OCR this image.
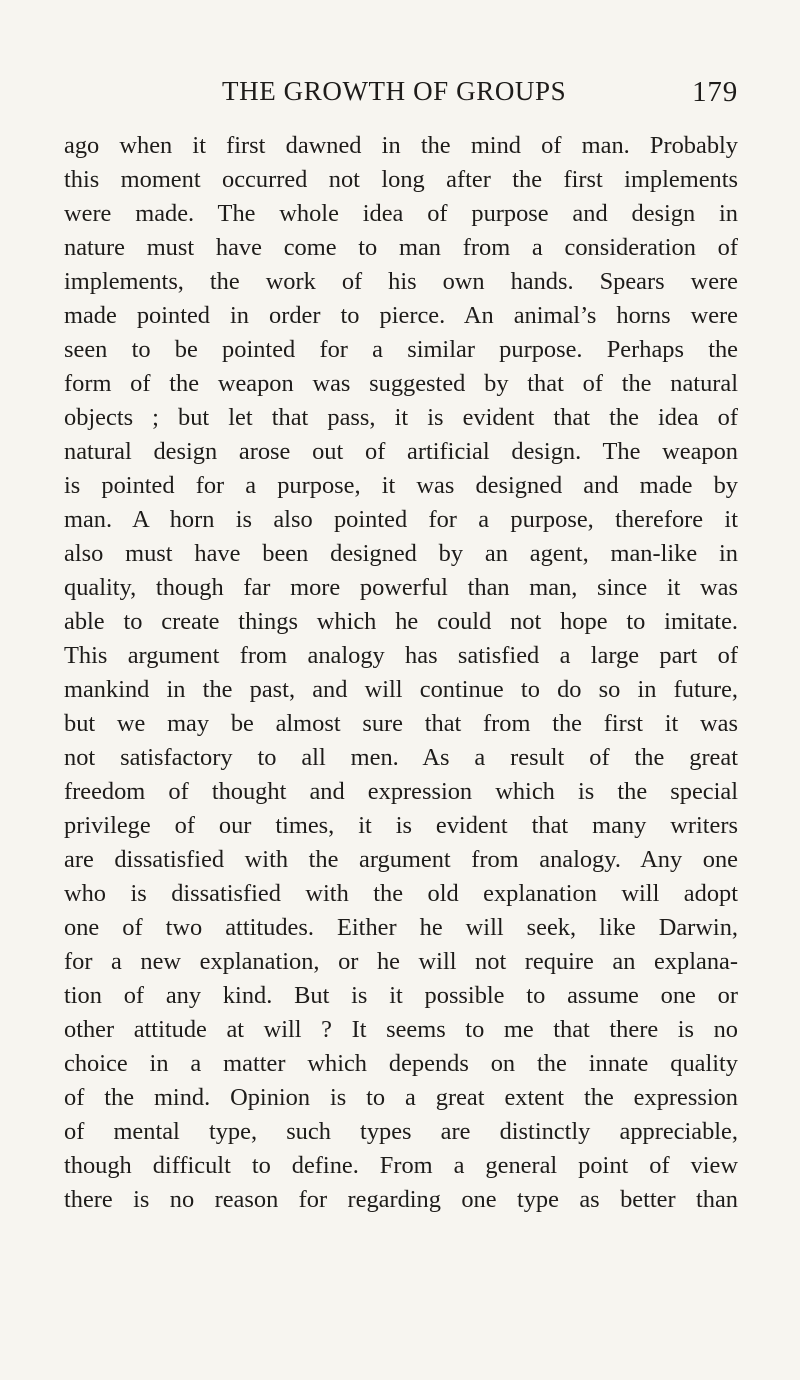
THE GROWTH OF GROUPS	179
ago when it first dawned in the mind of man. Probably
this moment occurred not long after the first implements
were made. The whole idea of purpose and design in
nature must have come to man from a consideration of
implements, the work of his own hands. Spears were
made pointed in order to pierce. An animal’s horns were
seen to be pointed for a similar purpose. Perhaps the
form of the weapon was suggested by that of the natural
objects ; but let that pass, it is evident that the idea of
natural design arose out of artificial design. The weapon
is pointed for a purpose, it was designed and made by
man. A horn is also pointed for a purpose, therefore it
also must have been designed by an agent, man-like in
quality, though far more powerful than man, since it was
able to create things which he could not hope to imitate.
This argument from analogy has satisfied a large part of
mankind in the past, and will continue to do so in future,
but we may be almost sure that from the first it was
not satisfactory to all men. As a result of the great
freedom of thought and expression which is the special
privilege of our times, it is evident that many writers
are dissatisfied with the argument from analogy. Any one
who is dissatisfied with the old explanation will adopt
one of two attitudes. Either he will seek, like Darwin,
for a new explanation, or he will not require an explana-
tion of any kind. But is it possible to assume one or
other attitude at will ? It seems to me that there is no
choice in a matter which depends on the innate quality
of the mind. Opinion is to a great extent the expression
of mental type, such types are distinctly appreciable,
though difficult to define. From a general point of view
there is no reason for regarding one type as better than
